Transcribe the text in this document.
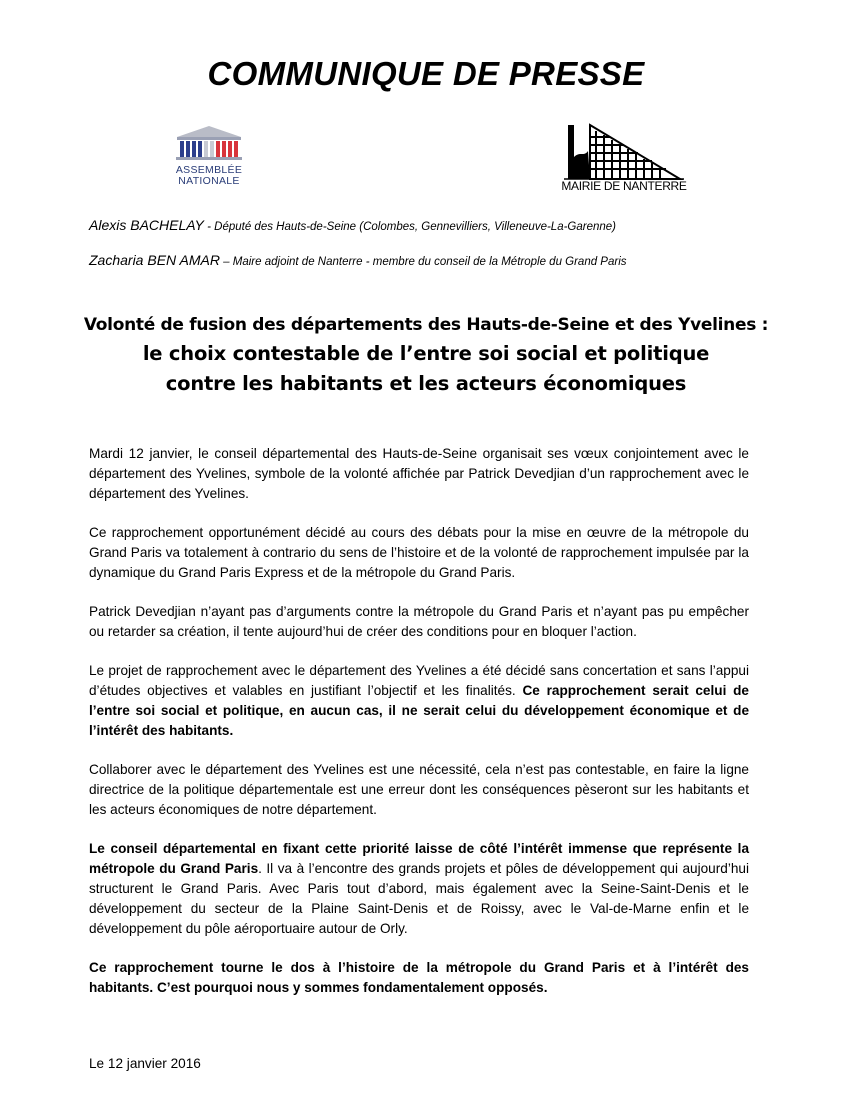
COMMUNIQUE DE PRESSE
ASSEMBLÉE
NATIONALE	MAIRIE DE NANTERRE
Alexis BACHELAY - Député des Hauts-de-Seine (Colombes, Gennevilliers, Villeneuve-La-Garenne)
Zacharia BEN AMAR – Maire adjoint de Nanterre - membre du conseil de la Métrople du Grand Paris
Volonté de fusion des départements des Hauts-de-Seine et des Yvelines :
le choix contestable de l’entre soi social et politique
contre les habitants et les acteurs économiques

Mardi 12 janvier, le conseil départemental des Hauts-de-Seine organisait ses vœux conjointement avec le département des Yvelines, symbole de la volonté affichée par Patrick Devedjian d’un rapprochement avec le département des Yvelines.

Ce rapprochement opportunément décidé au cours des débats pour la mise en œuvre de la métropole du Grand Paris va totalement à contrario du sens de l’histoire et de la volonté de rapprochement impulsée par la dynamique du Grand Paris Express et de la métropole du Grand Paris.

Patrick Devedjian n’ayant pas d’arguments contre la métropole du Grand Paris et n’ayant pas pu empêcher ou retarder sa création, il tente aujourd’hui de créer des conditions pour en bloquer l’action.

Le projet de rapprochement avec le département des Yvelines a été décidé sans concertation et sans l’appui d’études objectives et valables en justifiant l’objectif et les finalités. Ce rapprochement serait celui de l’entre soi social et politique, en aucun cas, il ne serait celui du développement économique et de l’intérêt des habitants.

Collaborer avec le département des Yvelines est une nécessité, cela n’est pas contestable, en faire la ligne directrice de la politique départementale est une erreur dont les conséquences pèseront sur les habitants et les acteurs économiques de notre département.

Le conseil départemental en fixant cette priorité laisse de côté l’intérêt immense que représente la métropole du Grand Paris. Il va à l’encontre des grands projets et pôles de développement qui aujourd’hui structurent le Grand Paris. Avec Paris tout d’abord, mais également avec la Seine-Saint-Denis et le développement du secteur de la Plaine Saint-Denis et de Roissy, avec le Val-de-Marne enfin et le développement du pôle aéroportuaire autour de Orly.

Ce rapprochement tourne le dos à l’histoire de la métropole du Grand Paris et à l’intérêt des habitants. C’est pourquoi nous y sommes fondamentalement opposés.

Le 12 janvier 2016
